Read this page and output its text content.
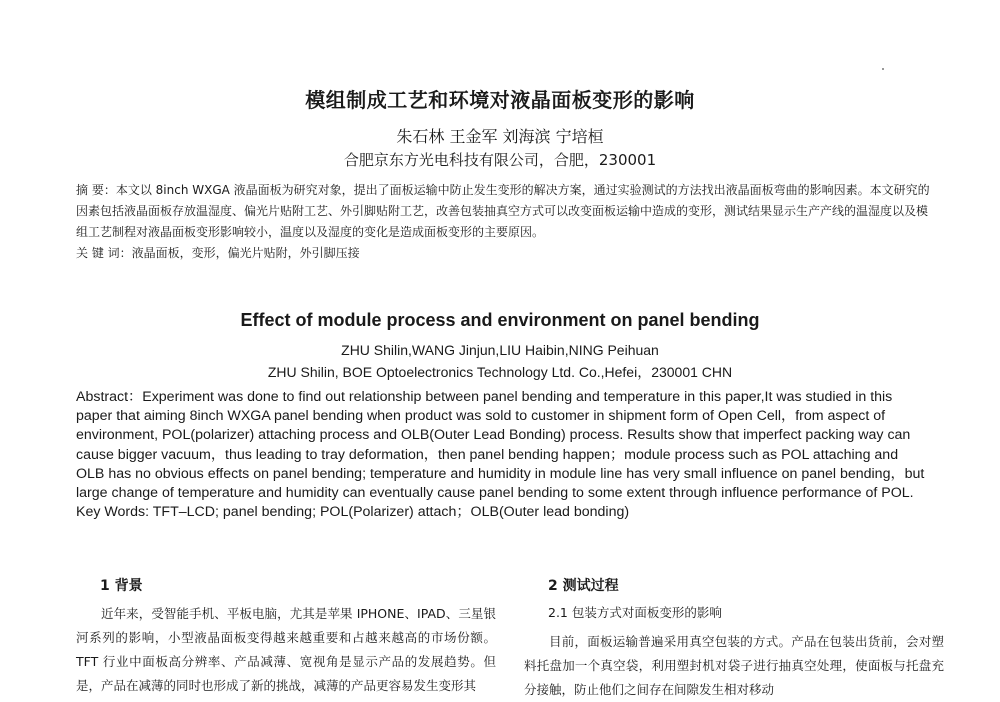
模组制成工艺和环境对液晶面板变形的影响
朱石林 王金军 刘海滨 宁培桓
合肥京东方光电科技有限公司，合肥，230001

摘 要：本文以 8inch WXGA 液晶面板为研究对象，提出了面板运输中防止发生变形的解决方案，通过实验测试的方法找出液晶面板弯曲的影响因素。本文研究的因素包括液晶面板存放温湿度、偏光片贴附工艺、外引脚贴附工艺，改善包装抽真空方式可以改变面板运输中造成的变形，测试结果显示生产产线的温湿度以及模组工艺制程对液晶面板变形影响较小，温度以及湿度的变化是造成面板变形的主要原因。

关 键 词：液晶面板，变形，偏光片贴附，外引脚压接

Effect of module process and environment on panel bending
ZHU Shilin,WANG Jinjun,LIU Haibin,NING Peihuan
ZHU Shilin, BOE Optoelectronics Technology Ltd. Co.,Hefei，230001 CHN

Abstract：Experiment was done to find out relationship between panel bending and temperature in this paper,It was studied in this paper that aiming 8inch WXGA panel bending when product was sold to customer in shipment form of Open Cell，from aspect of environment, POL(polarizer) attaching process and OLB(Outer Lead Bonding) process. Results show that imperfect packing way can cause bigger vacuum，thus leading to tray deformation，then panel bending happen；module process such as POL attaching and OLB has no obvious effects on panel bending; temperature and humidity in module line has very small influence on panel bending，but large change of temperature and humidity can eventually cause panel bending to some extent through influence performance of POL.

Key Words: TFT–LCD; panel bending; POL(Polarizer) attach；OLB(Outer lead bonding)

1 背景

近年来，受智能手机、平板电脑，尤其是苹果 IPHONE、IPAD、三星银河系列的影响，小型液晶面板变得越来越重要和占越来越高的市场份额。TFT 行业中面板高分辨率、产品减薄、宽视角是显示产品的发展趋势。但是，产品在减薄的同时也形成了新的挑战，减薄的产品更容易发生变形其

2 测试过程
2.1 包装方式对面板变形的影响

目前，面板运输普遍采用真空包装的方式。产品在包装出货前，会对塑料托盘加一个真空袋，利用塑封机对袋子进行抽真空处理，使面板与托盘充分接触，防止他们之间存在间隙发生相对移动
